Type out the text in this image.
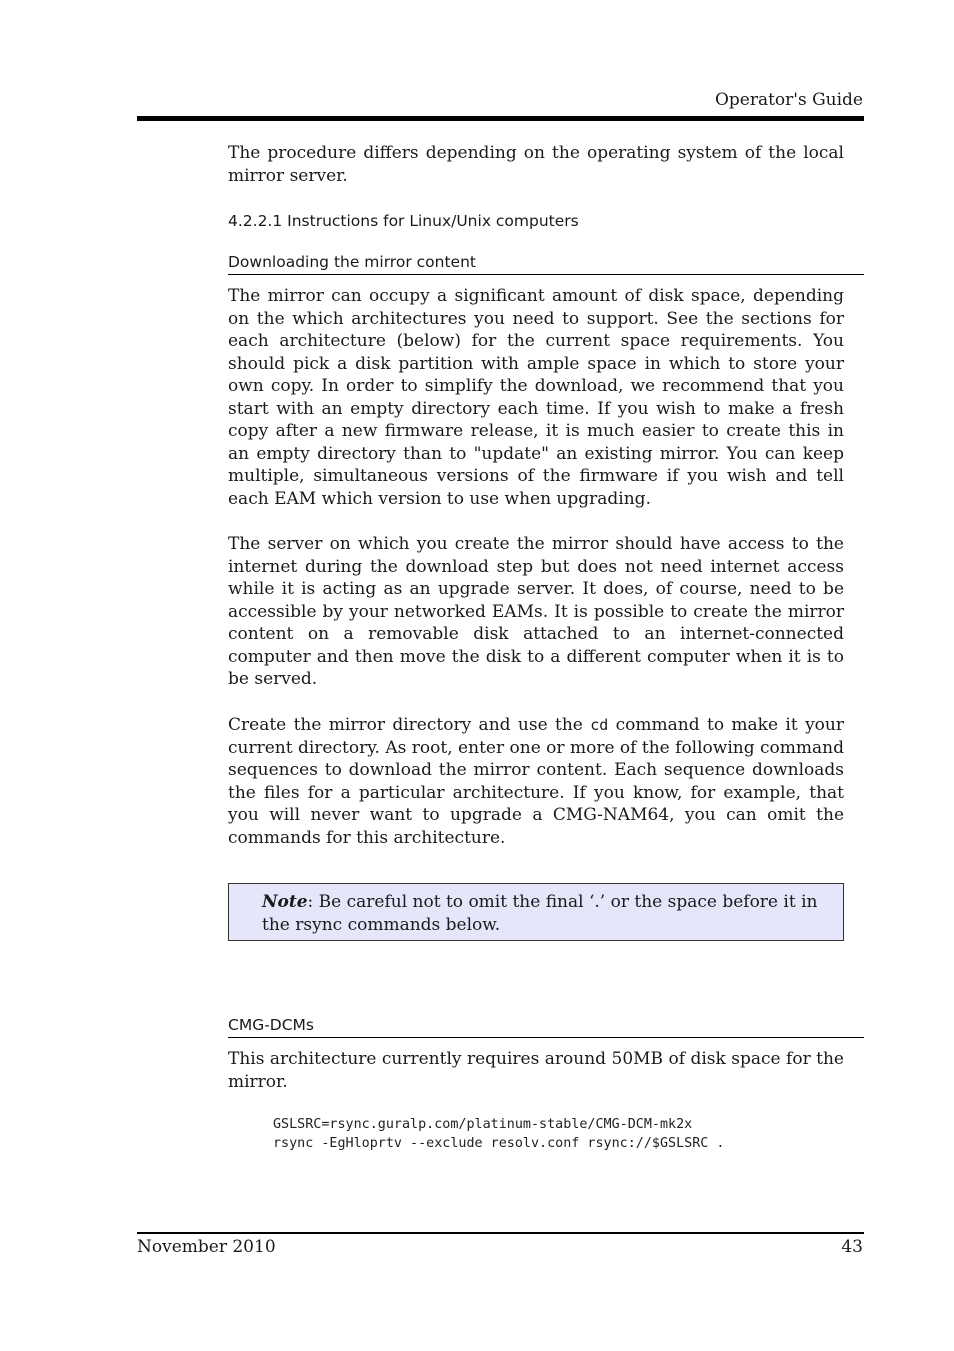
Operator's Guide

The procedure differs depending on the operating system of the local mirror server.

4.2.2.1 Instructions for Linux/Unix computers
Downloading the mirror content

The mirror can occupy a significant amount of disk space, depending on the which architectures you need to support. See the sections for each architecture (below) for the current space requirements. You should pick a disk partition with ample space in which to store your own copy. In order to simplify the download, we recommend that you start with an empty directory each time. If you wish to make a fresh copy after a new firmware release, it is much easier to create this in an empty directory than to "update" an existing mirror. You can keep multiple, simultaneous versions of the firmware if you wish and tell each EAM which version to use when upgrading.

The server on which you create the mirror should have access to the internet during the download step but does not need internet access while it is acting as an upgrade server. It does, of course, need to be accessible by your networked EAMs. It is possible to create the mirror content on a removable disk attached to an internet-connected computer and then move the disk to a different computer when it is to be served.

Create the mirror directory and use the cd command to make it your current directory. As root, enter one or more of the following command sequences to download the mirror content. Each sequence downloads the files for a particular architecture. If you know, for example, that you will never want to upgrade a CMG-NAM64, you can omit the commands for this architecture.

Note: Be careful not to omit the final ‘.’ or the space before it in the rsync commands below.
CMG-DCMs

This architecture currently requires around 50MB of disk space for the mirror.

GSLSRC=rsync.guralp.com/platinum-stable/CMG-DCM-mk2x
rsync -EgHloprtv --exclude resolv.conf rsync://$GSLSRC .
November 2010	43
